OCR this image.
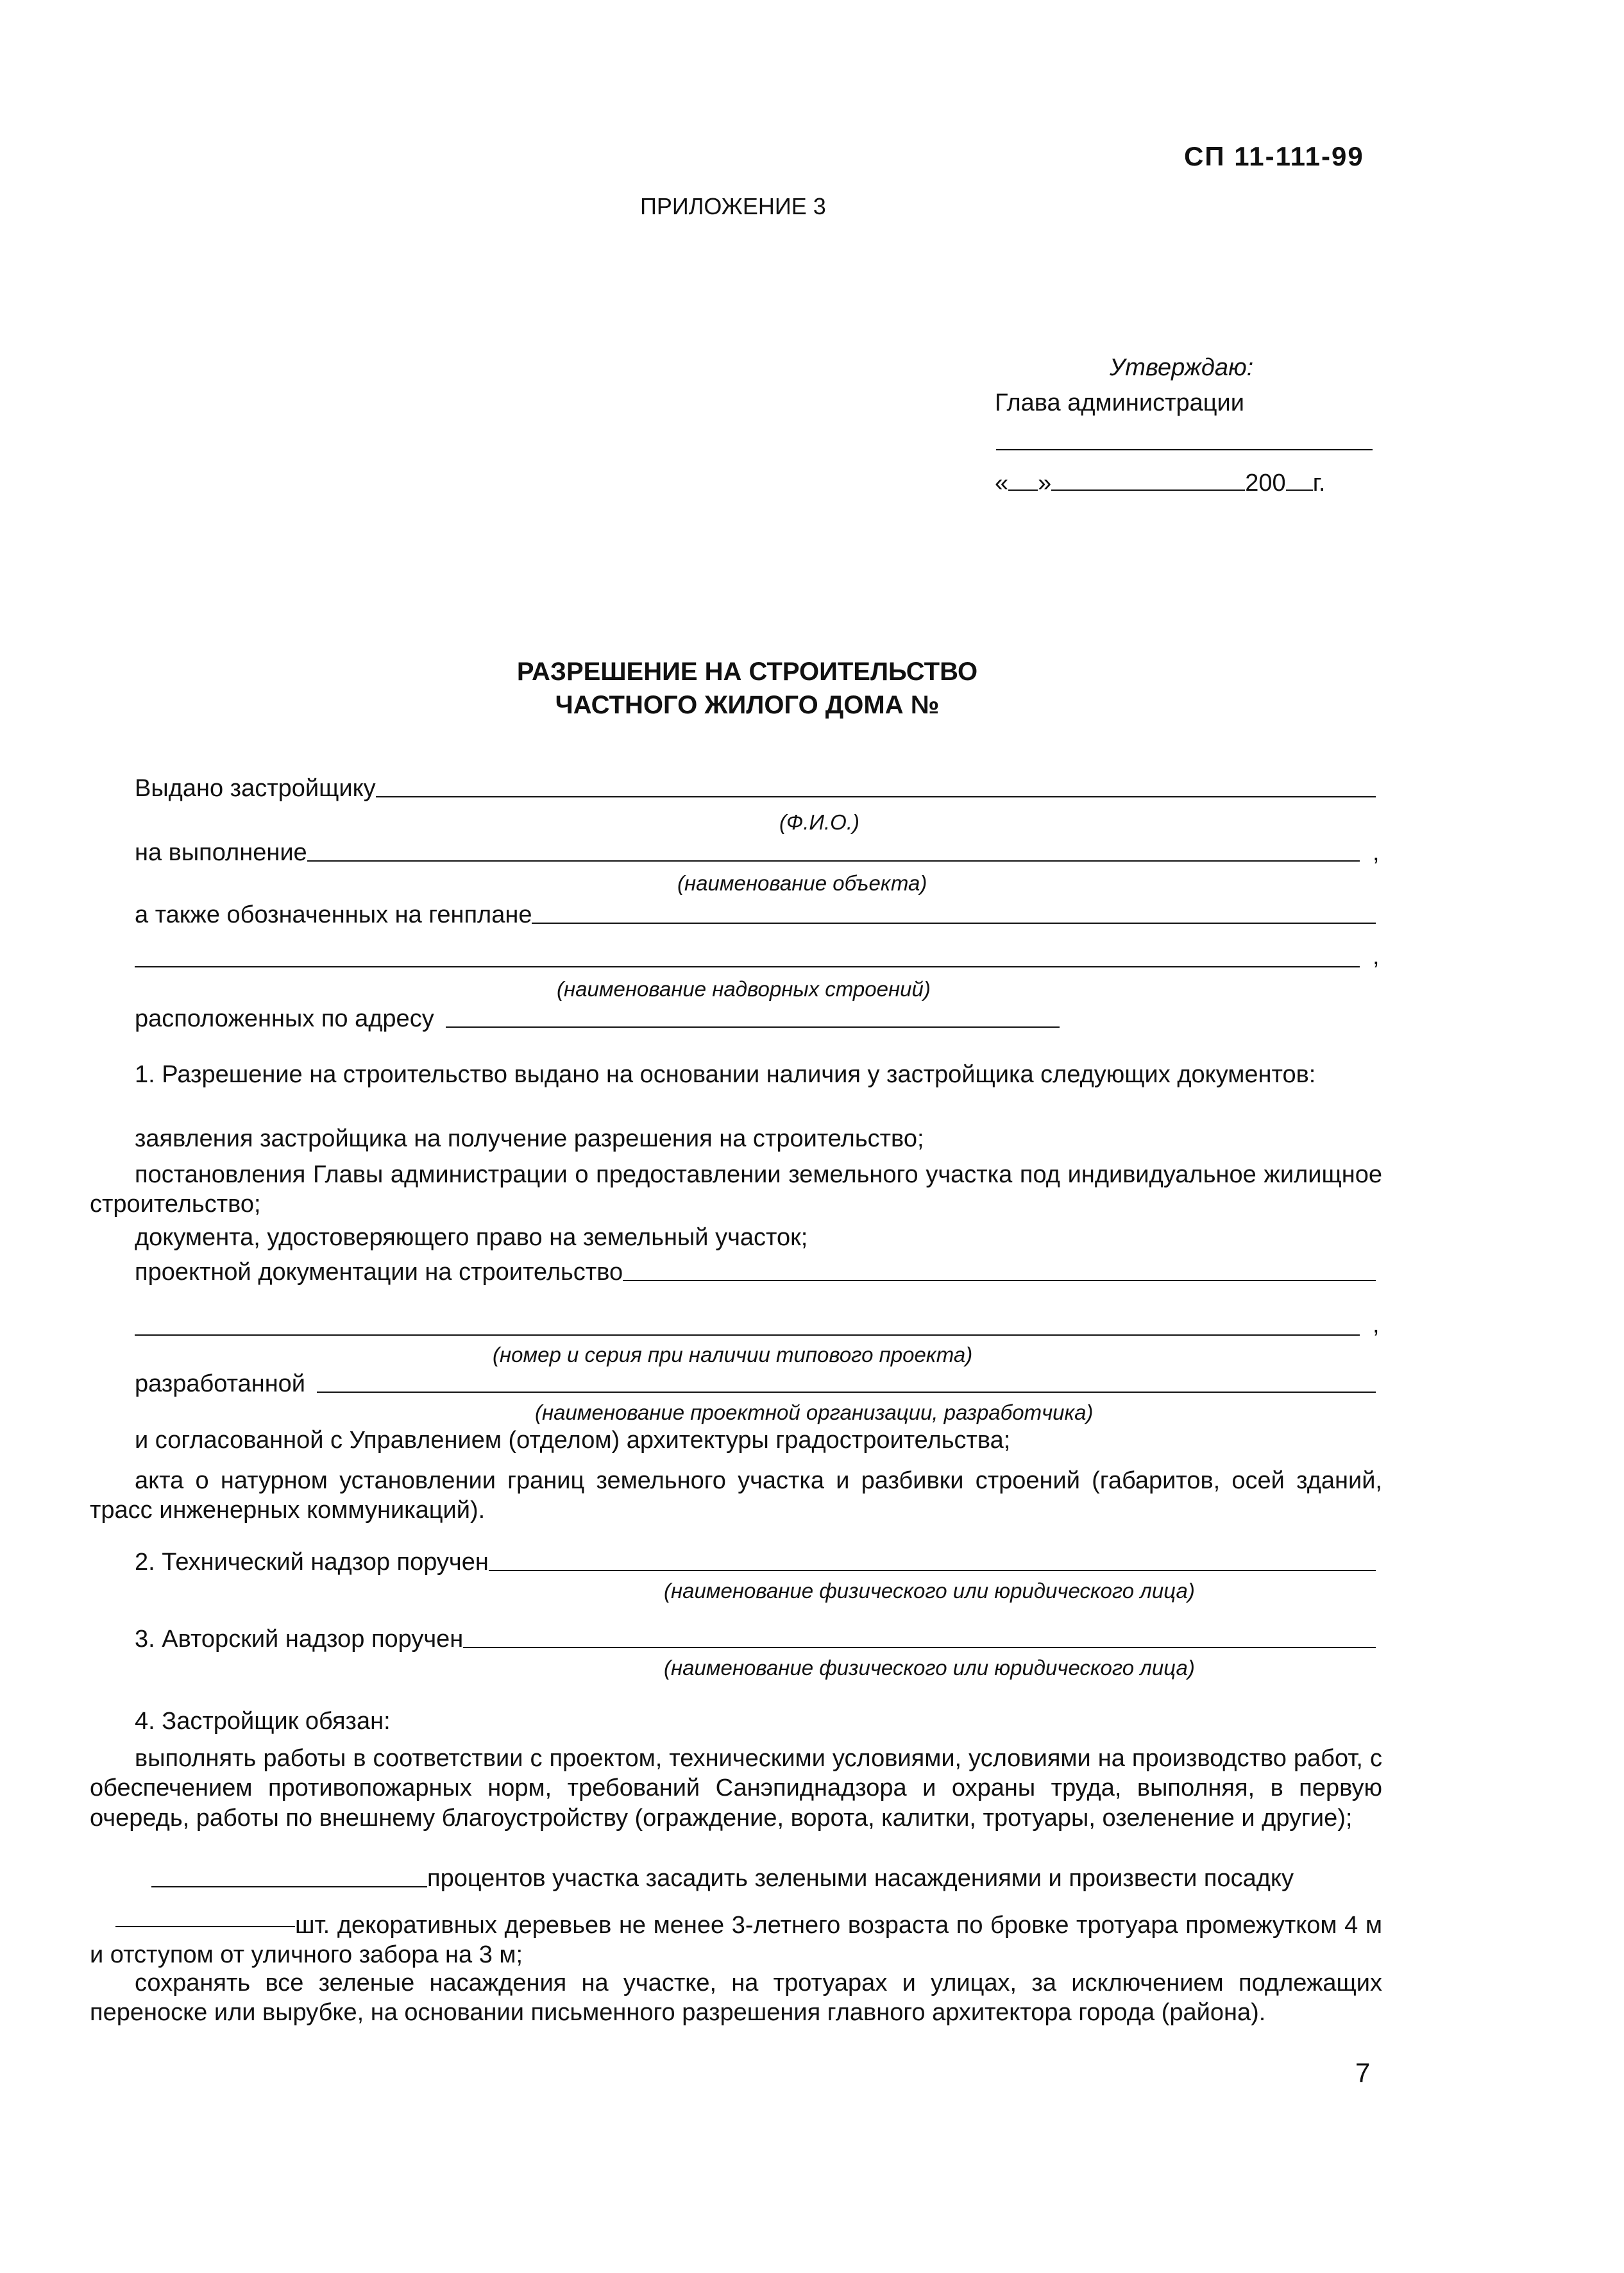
СП 11-111-99
ПРИЛОЖЕНИЕ 3
Утверждаю:
Глава администрации
« »	200 г.
РАЗРЕШЕНИЕ НА СТРОИТЕЛЬСТВО
ЧАСТНОГО ЖИЛОГО ДОМА №
Выдано застройщику
(Ф.И.О.)
на выполнение	,
(наименование объекта)
а также обозначенных на генплане
,
(наименование надворных строений)
расположенных по адресу
1. Разрешение на строительство выдано на основании наличия у застройщика следующих документов:
заявления застройщика на получение разрешения на строительство;
постановления Главы администрации о предоставлении земельного участка под индивидуальное жилищное строительство;
документа, удостоверяющего право на земельный участок;
проектной документации на строительство
,
(номер и серия при наличии типового проекта)
разработанной
(наименование проектной организации, разработчика)
и согласованной с Управлением (отделом) архитектуры градостроительства;
акта о натурном установлении границ земельного участка и разбивки строений (габаритов, осей зданий, трасс инженерных коммуникаций).
2. Технический надзор поручен
(наименование физического или юридического лица)
3. Авторский надзор поручен
(наименование физического или юридического лица)
4. Застройщик обязан:
выполнять работы в соответствии с проектом, техническими условиями, условиями на производство работ, с обеспечением противопожарных норм, требований Санэпиднадзора и охраны труда, выполняя, в первую очередь, работы по внешнему благоустройству (ограждение, ворота, калитки, тротуары, озеленение и другие);
процентов участка засадить зелеными насаждениями и произвести посадку
шт. декоративных деревьев не менее 3-летнего возраста по бровке тротуара промежутком 4 м и отступом от уличного забора на 3 м;
сохранять все зеленые насаждения на участке, на тротуарах и улицах, за исключением подлежащих переноске или вырубке, на основании письменного разрешения главного архитектора города (района).
7
